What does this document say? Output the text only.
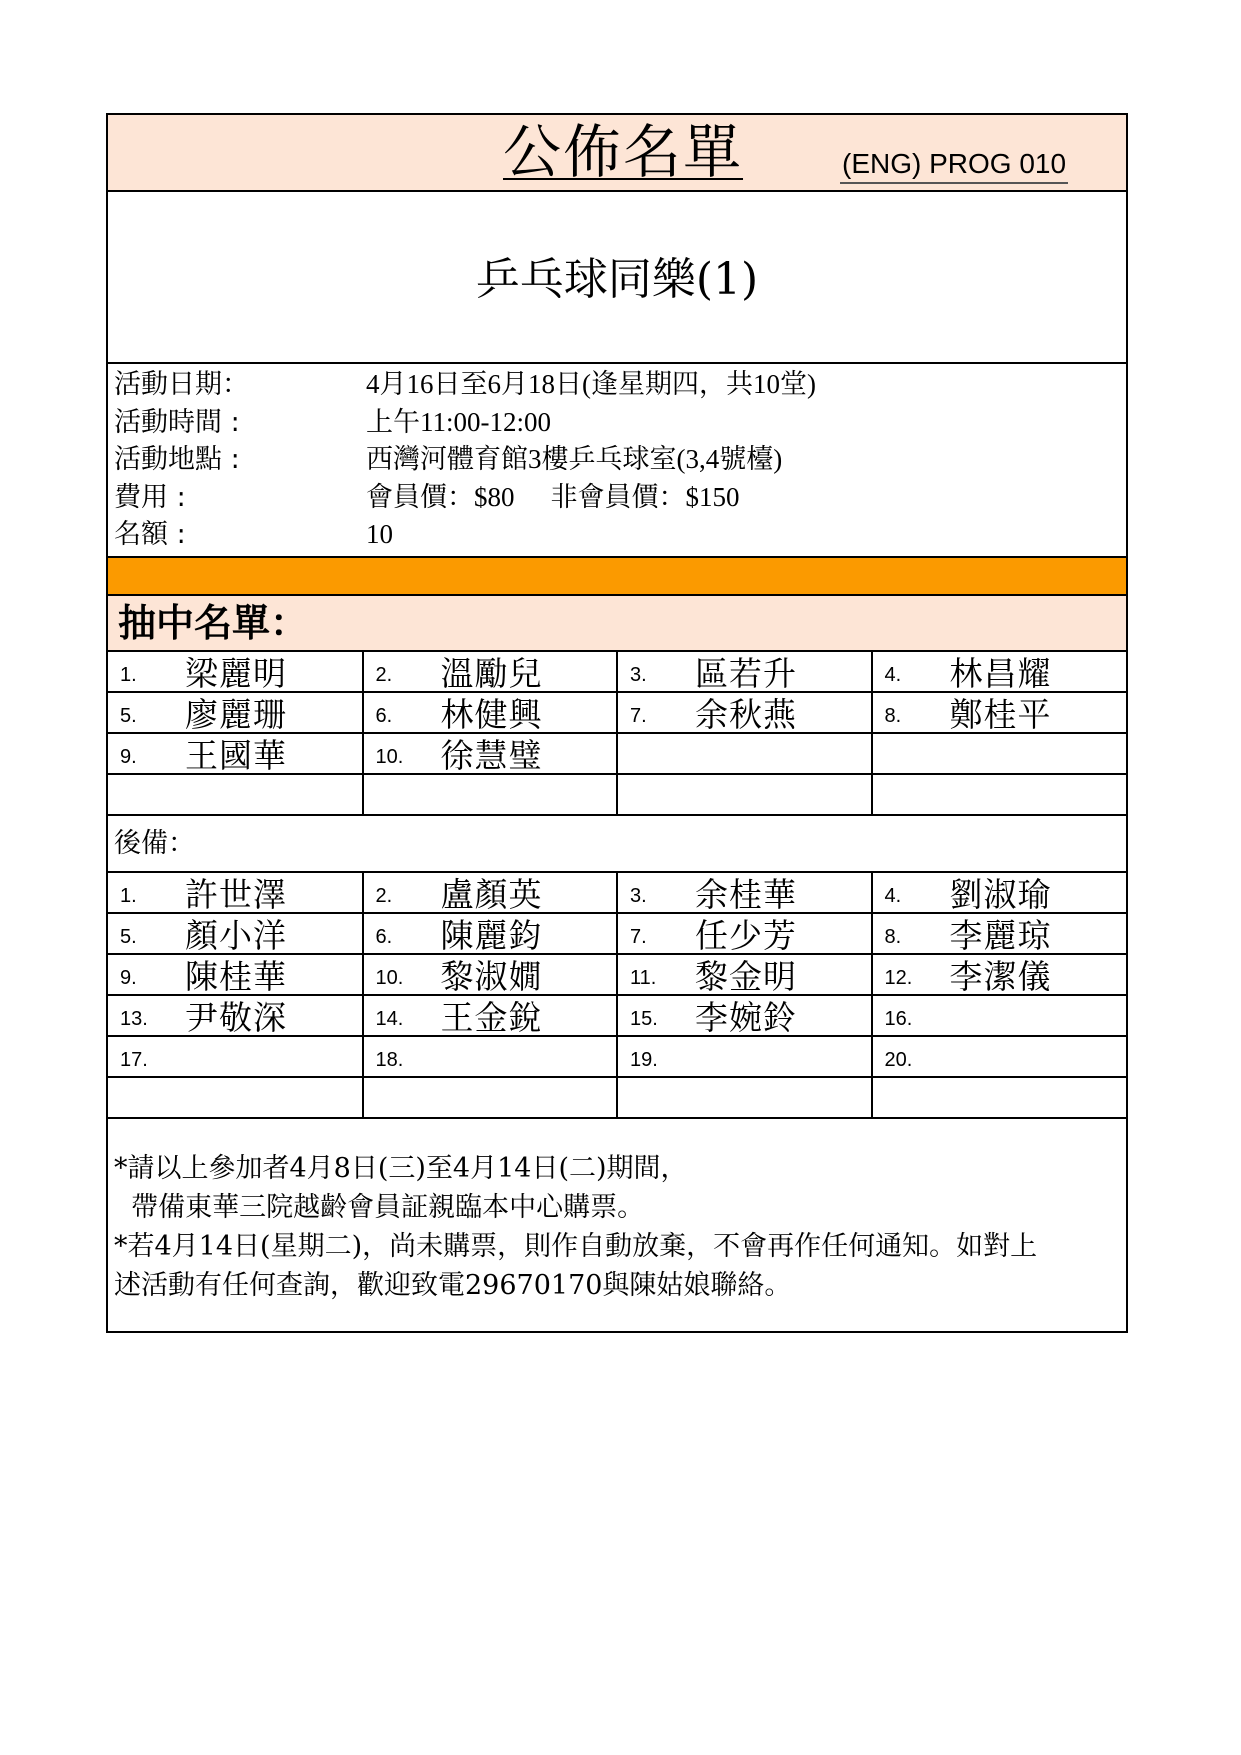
公佈名單	(ENG) PROG 010
乒乓球同樂(1)
活動日期：	4月16日至6月18日(逢星期四，共10堂)
活動時間 :	上午11:00-12:00
活動地點 :	西灣河體育館3樓乒乓球室(3,4號檯)
費用 :	會員價：$80 非會員價：$150
名額 :	10
抽中名單：
1. 梁麗明	2. 溫勵兒	3. 區若升	4. 林昌耀

5. 廖麗珊	6. 林健興	7. 余秋燕	8. 鄭桂平

9. 王國華	10. 徐慧璧		

後備：
1. 許世澤	2. 盧顏英	3. 余桂華	4. 劉淑瑜

5. 顏小洋	6. 陳麗鈞	7. 任少芳	8. 李麗琼

9. 陳桂華	10. 黎淑嫺	11. 黎金明	12. 李潔儀

13. 尹敬深	14. 王金銳	15. 李婉鈴	16.

17.	18.	19.	20.

*請以上參加者4月8日(三)至4月14日(二)期間，
帶備東華三院越齡會員証親臨本中心購票。
*若4月14日(星期二)，尚未購票，則作自動放棄，不會再作任何通知。如對上
述活動有任何查詢，歡迎致電29670170與陳姑娘聯絡。
